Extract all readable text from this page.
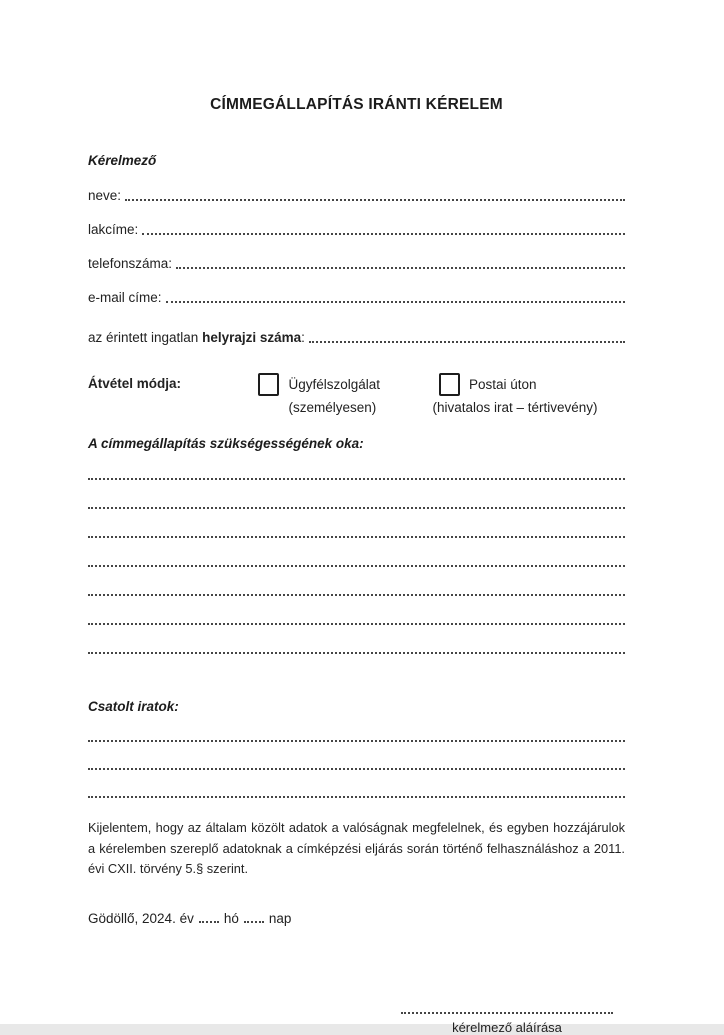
CÍMMEGÁLLAPÍTÁS IRÁNTI KÉRELEM
Kérelmező
neve:
lakcíme:
telefonszáma:
e-mail címe:
az érintett ingatlan helyrajzi száma:
Átvétel módja:	Ügyfélszolgálat
(személyesen)
Postai úton
(hivatalos irat – tértivevény)
A címmegállapítás szükségességének oka:
Csatolt iratok:

Kijelentem, hogy az általam közölt adatok a valóságnak megfelelnek, és egyben hozzájárulok a kérelemben szereplő adatoknak a címképzési eljárás során történő felhasználáshoz a 2011. évi CXII. törvény 5.§ szerint.

Gödöllő, 2024. év hó nap
kérelmező aláírása
